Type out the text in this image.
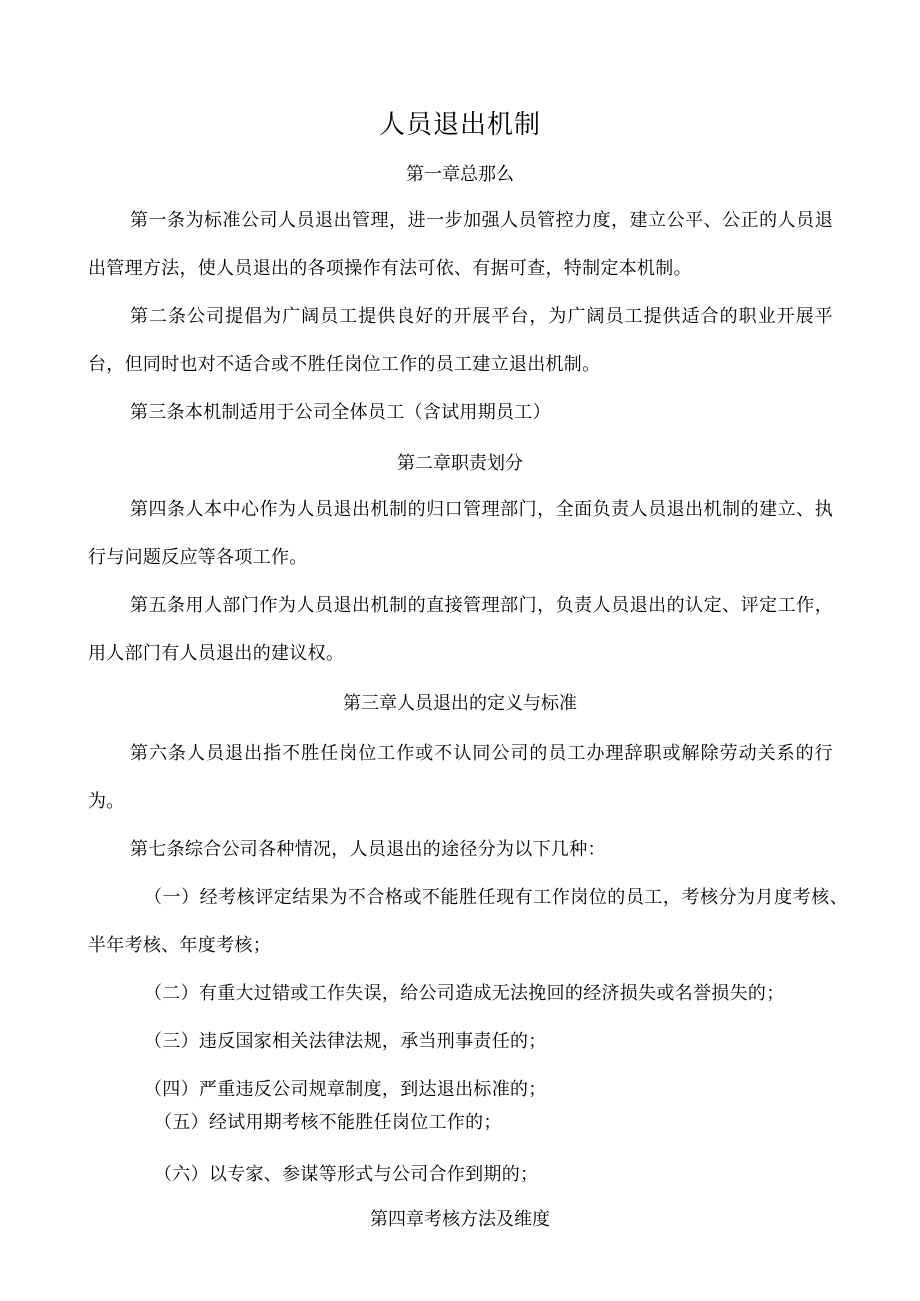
人员退出机制
第一章总那么

第一条为标准公司人员退出管理，进一步加强人员管控力度，建立公平、公正的人员退出管理方法，使人员退出的各项操作有法可依、有据可查，特制定本机制。

第二条公司提倡为广阔员工提供良好的开展平台，为广阔员工提供适合的职业开展平台，但同时也对不适合或不胜任岗位工作的员工建立退出机制。

第三条本机制适用于公司全体员工（含试用期员工）

第二章职责划分

第四条人本中心作为人员退出机制的归口管理部门，全面负责人员退出机制的建立、执行与问题反应等各项工作。

第五条用人部门作为人员退出机制的直接管理部门，负责人员退出的认定、评定工作，用人部门有人员退出的建议权。

第三章人员退出的定义与标准

第六条人员退出指不胜任岗位工作或不认同公司的员工办理辞职或解除劳动关系的行为。

第七条综合公司各种情况，人员退出的途径分为以下几种：

（一）经考核评定结果为不合格或不能胜任现有工作岗位的员工，考核分为月度考核、半年考核、年度考核；

（二）有重大过错或工作失误，给公司造成无法挽回的经济损失或名誉损失的；

（三）违反国家相关法律法规，承当刑事责任的；

（四）严重违反公司规章制度，到达退出标准的；

（五）经试用期考核不能胜任岗位工作的；

（六）以专家、参谋等形式与公司合作到期的；

第四章考核方法及维度
